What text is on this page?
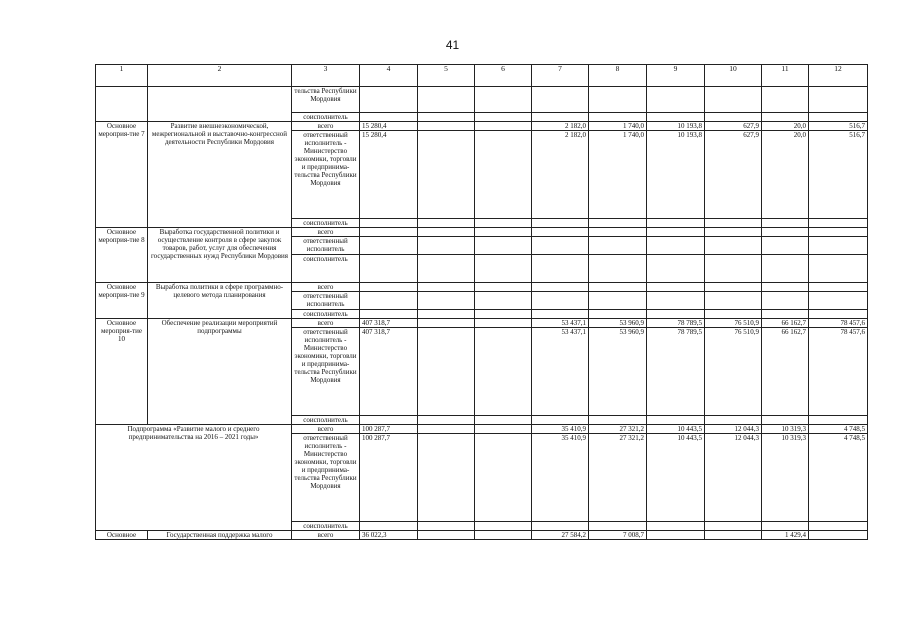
41
1	2	3	4	5	6	7	8	9	10	11	12
		тельства Республики Мордовия									
		соисполнитель									
Основное мероприя-тие 7	Развитие внешнеэкономической, межрегиональной и выставочно-конгрессной деятельности Республики Мордовия	всего	15 280,4			2 182,0	1 740,0	10 193,8	627,9	20,0	516,7
		ответственный исполнитель - Министерство экономики, торговли и предпринима-тельства Республики Мордовия	15 280,4			2 182,0	1 740,0	10 193,8	627,9	20,0	516,7
		соисполнитель									
Основное мероприя-тие 8	Выработка государственной политики и осуществление контроля в сфере закупок товаров, работ, услуг для обеспечения государственных нужд Республики Мордовия	всего									
		ответственный исполнитель									
		соисполнитель									
Основное мероприя-тие 9	Выработка политики в сфере программно-целевого метода планирования	всего									
		ответственный исполнитель									
		соисполнитель									
Основное мероприя-тие 10	Обеспечение реализации мероприятий подпрограммы	всего	407 318,7			53 437,1	53 960,9	78 789,5	76 510,9	66 162,7	78 457,6
		ответственный исполнитель - Министерство экономики, торговли и предпринима-тельства Республики Мордовия	407 318,7			53 437,1	53 960,9	78 789,5	76 510,9	66 162,7	78 457,6
		соисполнитель									
Подпрограмма «Развитие малого и среднего предпринимательства на 2016 – 2021 годы»		всего	100 287,7			35 410,9	27 321,2	10 443,5	12 044,3	10 319,3	4 748,5
		ответственный исполнитель - Министерство экономики, торговли и предпринима-тельства Республики Мордовия	100 287,7			35 410,9	27 321,2	10 443,5	12 044,3	10 319,3	4 748,5
		соисполнитель									
Основное	Государственная поддержка малого	всего	36 022,3			27 584,2	7 008,7			1 429,4	
